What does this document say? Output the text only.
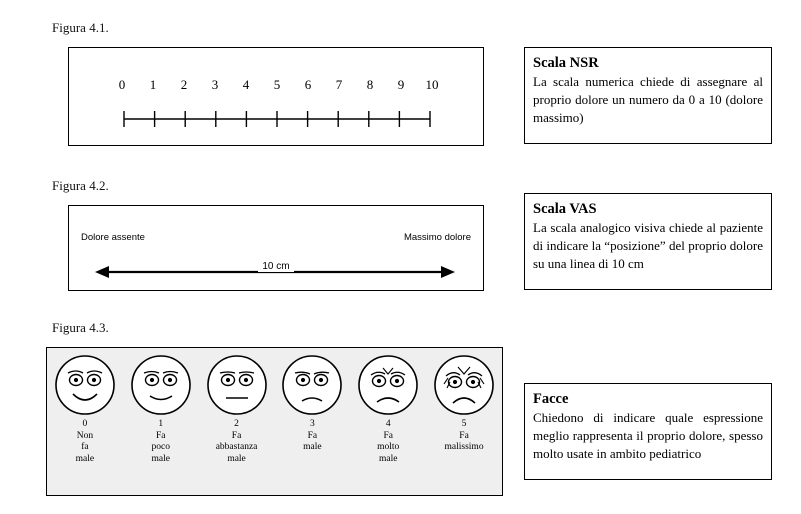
Figura 4.1.
0 1 2 3 4 5 6 7 8 9 10
Scala NSR
La scala numerica chiede di assegnare al proprio dolore un numero da 0 a 10 (dolore massimo)
Figura 4.2.
Dolore assente	Massimo dolore
10 cm
Scala VAS
La scala analogico visiva chiede al paziente di indicare la “posizione” del proprio dolore su una linea di 10 cm
Figura 4.3.
0
Non
fa
male
1
Fa
poco
male
2
Fa
abbastanza
male
3
Fa
male
4
Fa
molto
male
5
Fa
malissimo
Facce
Chiedono di indicare quale espressione meglio rappresenta il proprio dolore, spesso molto usate in ambito pediatrico
